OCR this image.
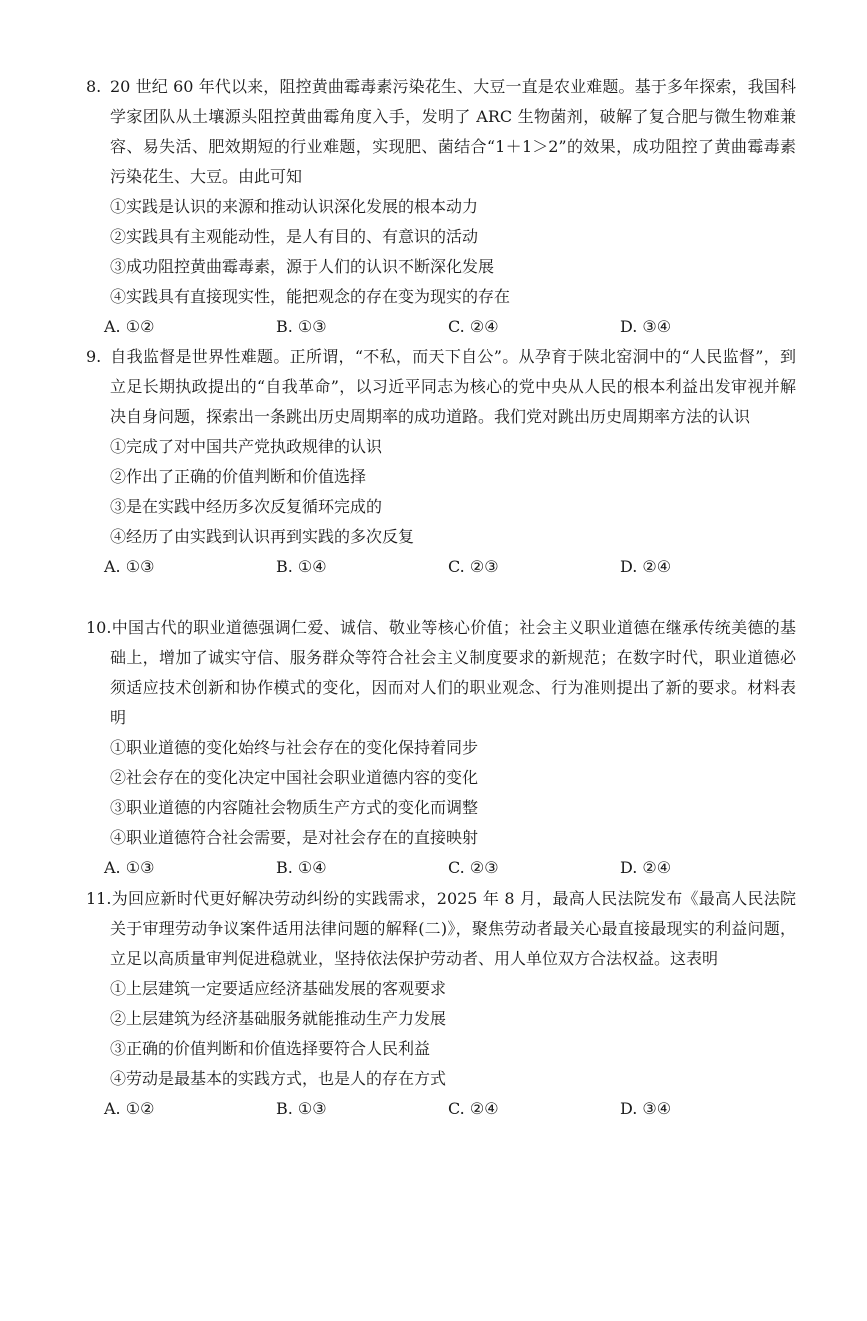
8. 20 世纪 60 年代以来，阻控黄曲霉毒素污染花生、大豆一直是农业难题。基于多年探索，我国科学家团队从土壤源头阻控黄曲霉角度入手，发明了 ARC 生物菌剂，破解了复合肥与微生物难兼容、易失活、肥效期短的行业难题，实现肥、菌结合“1＋1＞2”的效果，成功阻控了黄曲霉毒素污染花生、大豆。由此可知

①实践是认识的来源和推动认识深化发展的根本动力
②实践具有主观能动性，是人有目的、有意识的活动
③成功阻控黄曲霉毒素，源于人们的认识不断深化发展
④实践具有直接现实性，能把观念的存在变为现实的存在
A. ①②	B. ①③	C. ②④	D. ③④

9. 自我监督是世界性难题。正所谓，“不私，而天下自公”。从孕育于陕北窑洞中的“人民监督”，到立足长期执政提出的“自我革命”，以习近平同志为核心的党中央从人民的根本利益出发审视并解决自身问题，探索出一条跳出历史周期率的成功道路。我们党对跳出历史周期率方法的认识

①完成了对中国共产党执政规律的认识
②作出了正确的价值判断和价值选择
③是在实践中经历多次反复循环完成的
④经历了由实践到认识再到实践的多次反复
A. ①③	B. ①④	C. ②③	D. ②④

10.中国古代的职业道德强调仁爱、诚信、敬业等核心价值；社会主义职业道德在继承传统美德的基础上，增加了诚实守信、服务群众等符合社会主义制度要求的新规范；在数字时代，职业道德必须适应技术创新和协作模式的变化，因而对人们的职业观念、行为准则提出了新的要求。材料表明

①职业道德的变化始终与社会存在的变化保持着同步
②社会存在的变化决定中国社会职业道德内容的变化
③职业道德的内容随社会物质生产方式的变化而调整
④职业道德符合社会需要，是对社会存在的直接映射
A. ①③	B. ①④	C. ②③	D. ②④

11.为回应新时代更好解决劳动纠纷的实践需求，2025 年 8 月，最高人民法院发布《最高人民法院关于审理劳动争议案件适用法律问题的解释(二)》，聚焦劳动者最关心最直接最现实的利益问题，立足以高质量审判促进稳就业，坚持依法保护劳动者、用人单位双方合法权益。这表明

①上层建筑一定要适应经济基础发展的客观要求
②上层建筑为经济基础服务就能推动生产力发展
③正确的价值判断和价值选择要符合人民利益
④劳动是最基本的实践方式，也是人的存在方式
A. ①②	B. ①③	C. ②④	D. ③④
